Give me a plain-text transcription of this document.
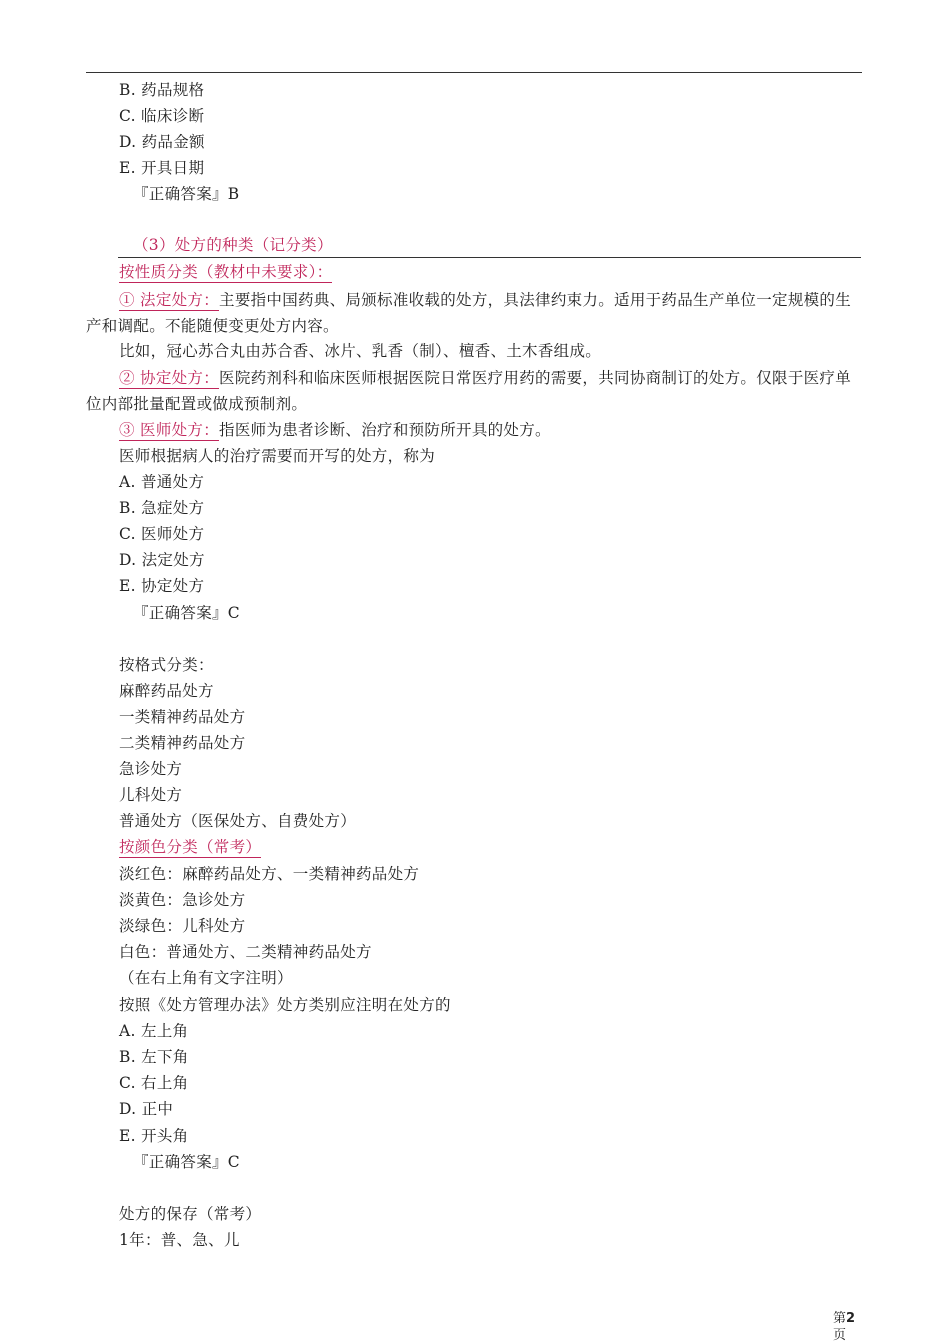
B. 药品规格
C. 临床诊断
D. 药品金额
E. 开具日期
『正确答案』B
（3）处方的种类（记分类）
按性质分类（教材中未要求）：
① 法定处方：主要指中国药典、局颁标准收载的处方，具法律约束力。适用于药品生产单位一定规模的生产和调配。不能随便变更处方内容。
比如，冠心苏合丸由苏合香、冰片、乳香（制）、檀香、土木香组成。
② 协定处方：医院药剂科和临床医师根据医院日常医疗用药的需要，共同协商制订的处方。仅限于医疗单位内部批量配置或做成预制剂。
③ 医师处方：指医师为患者诊断、治疗和预防所开具的处方。
医师根据病人的治疗需要而开写的处方，称为
A. 普通处方
B. 急症处方
C. 医师处方
D. 法定处方
E. 协定处方
『正确答案』C
按格式分类：
麻醉药品处方
一类精神药品处方
二类精神药品处方
急诊处方
儿科处方
普通处方（医保处方、自费处方）
按颜色分类（常考）
淡红色：麻醉药品处方、一类精神药品处方
淡黄色：急诊处方
淡绿色：儿科处方
白色：普通处方、二类精神药品处方
（在右上角有文字注明）
按照《处方管理办法》处方类别应注明在处方的
A. 左上角
B. 左下角
C. 右上角
D. 正中
E. 开头角
『正确答案』C
处方的保存（常考）
1年：普、急、儿
第2
页
